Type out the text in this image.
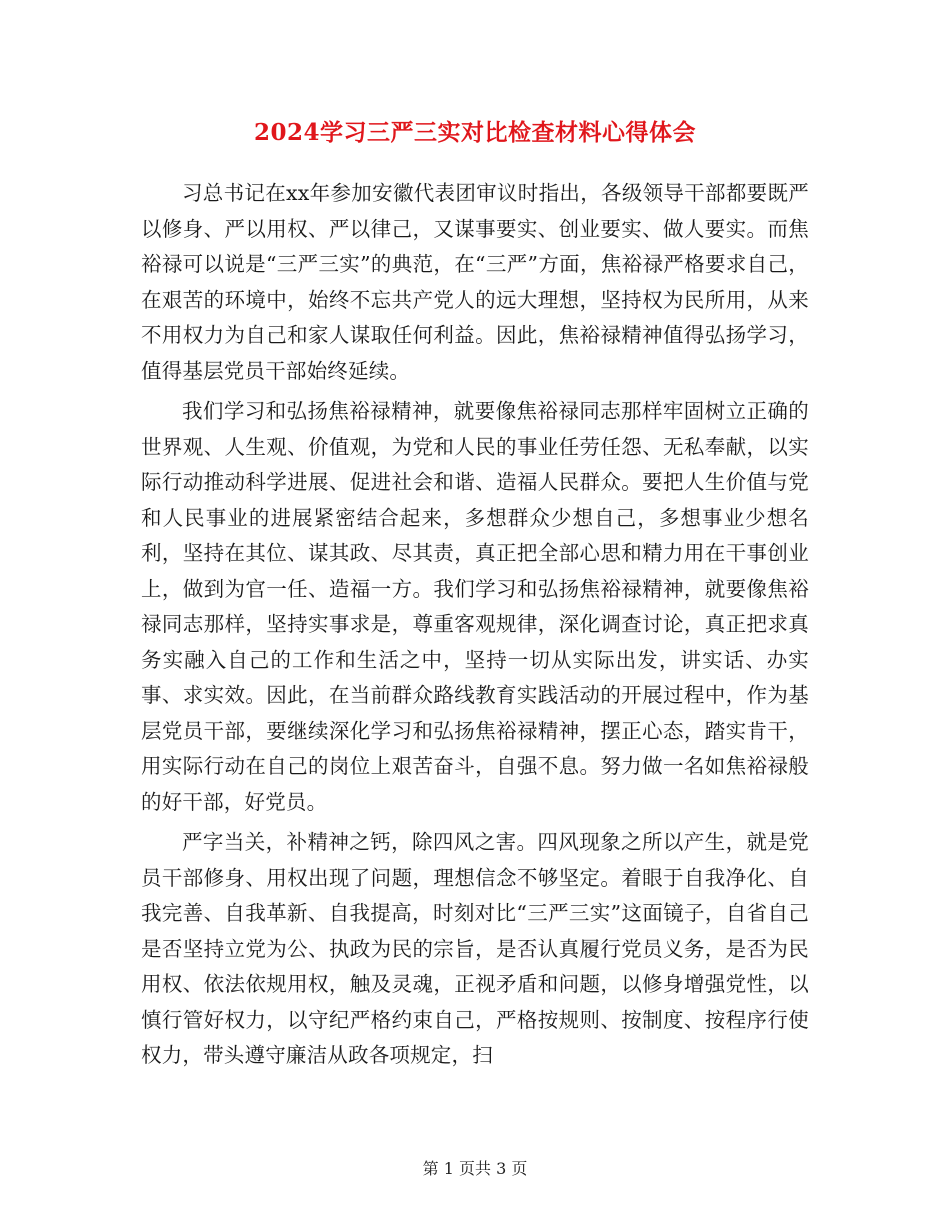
2024学习三严三实对比检查材料心得体会

习总书记在xx年参加安徽代表团审议时指出，各级领导干部都要既严以修身、严以用权、严以律己，又谋事要实、创业要实、做人要实。而焦裕禄可以说是“三严三实”的典范，在“三严”方面，焦裕禄严格要求自己，在艰苦的环境中，始终不忘共产党人的远大理想，坚持权为民所用，从来不用权力为自己和家人谋取任何利益。因此，焦裕禄精神值得弘扬学习，值得基层党员干部始终延续。

我们学习和弘扬焦裕禄精神，就要像焦裕禄同志那样牢固树立正确的世界观、人生观、价值观，为党和人民的事业任劳任怨、无私奉献，以实际行动推动科学进展、促进社会和谐、造福人民群众。要把人生价值与党和人民事业的进展紧密结合起来，多想群众少想自己，多想事业少想名利，坚持在其位、谋其政、尽其责，真正把全部心思和精力用在干事创业上，做到为官一任、造福一方。我们学习和弘扬焦裕禄精神，就要像焦裕禄同志那样，坚持实事求是，尊重客观规律，深化调查讨论，真正把求真务实融入自己的工作和生活之中，坚持一切从实际出发，讲实话、办实事、求实效。因此，在当前群众路线教育实践活动的开展过程中，作为基层党员干部，要继续深化学习和弘扬焦裕禄精神，摆正心态，踏实肯干，用实际行动在自己的岗位上艰苦奋斗，自强不息。努力做一名如焦裕禄般的好干部，好党员。

严字当关，补精神之钙，除四风之害。四风现象之所以产生，就是党员干部修身、用权出现了问题，理想信念不够坚定。着眼于自我净化、自我完善、自我革新、自我提高，时刻对比“三严三实”这面镜子，自省自己是否坚持立党为公、执政为民的宗旨，是否认真履行党员义务，是否为民用权、依法依规用权，触及灵魂，正视矛盾和问题，以修身增强党性，以慎行管好权力，以守纪严格约束自己，严格按规则、按制度、按程序行使权力，带头遵守廉洁从政各项规定，扫

第 1 页共 3 页
